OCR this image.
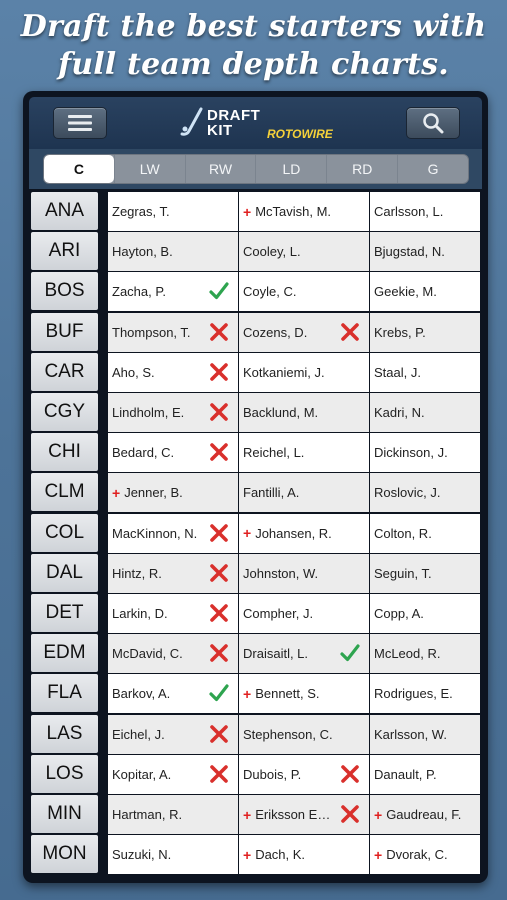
Draft the best starters with
full team depth charts.
DRAFT
KIT	ROTOWIRE
C	LW	RW	LD	RD	G
ANA	Zegras, T.	+ McTavish, M.	Carlsson, L.
ARI	Hayton, B.	Cooley, L.	Bjugstad, N.
BOS	Zacha, P.	Coyle, C.	Geekie, M.
BUF	Thompson, T.	Cozens, D.	Krebs, P.
CAR	Aho, S.	Kotkaniemi, J.	Staal, J.
CGY	Lindholm, E.	Backlund, M.	Kadri, N.
CHI	Bedard, C.	Reichel, L.	Dickinson, J.
CLM	+ Jenner, B.	Fantilli, A.	Roslovic, J.
COL	MacKinnon, N.	+ Johansen, R.	Colton, R.
DAL	Hintz, R.	Johnston, W.	Seguin, T.
DET	Larkin, D.	Compher, J.	Copp, A.
EDM	McDavid, C.	Draisaitl, L.	McLeod, R.
FLA	Barkov, A.	+ Bennett, S.	Rodrigues, E.
LAS	Eichel, J.	Stephenson, C.	Karlsson, W.
LOS	Kopitar, A.	Dubois, P.	Danault, P.
MIN	Hartman, R.	+ Eriksson E…	+ Gaudreau, F.
MON	Suzuki, N.	+ Dach, K.	+ Dvorak, C.
